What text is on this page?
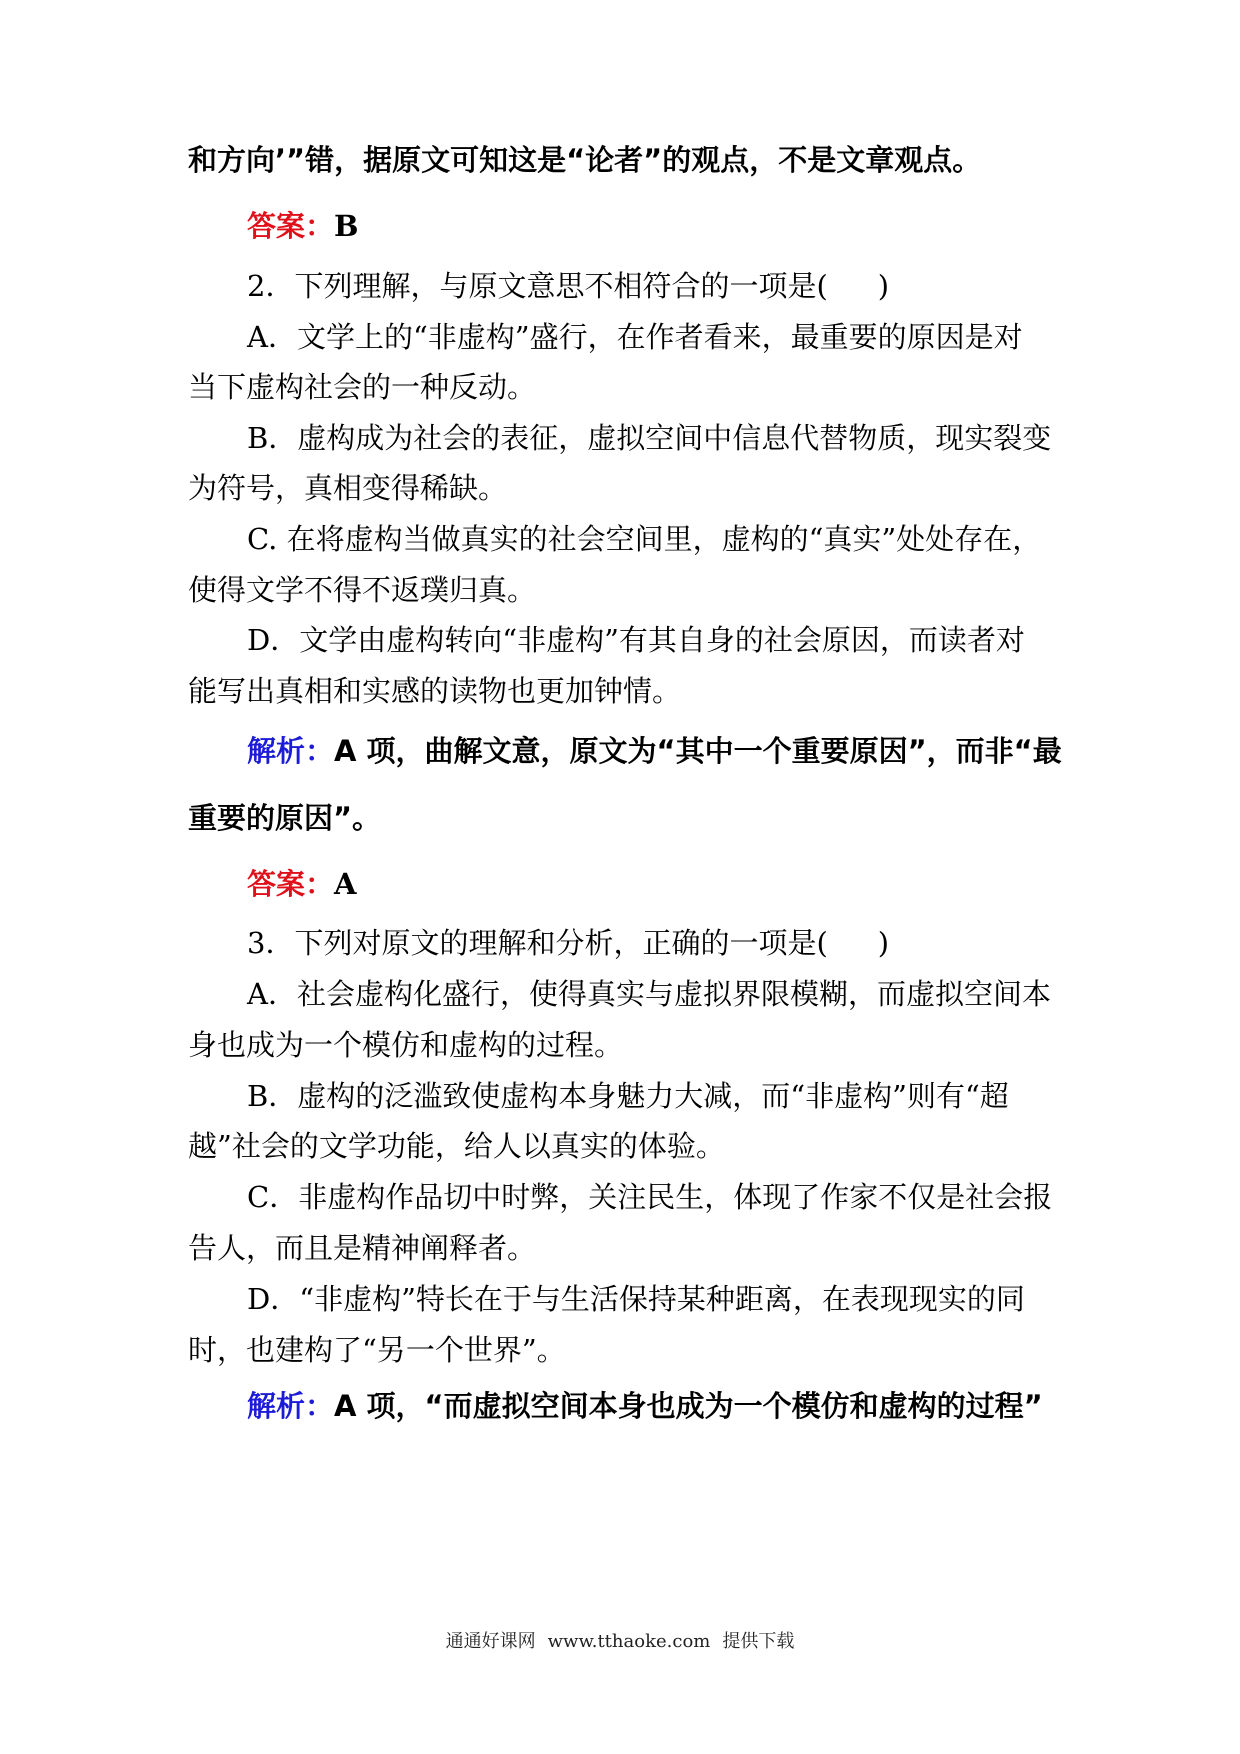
和方向’”错，据原文可知这是“论者”的观点，不是文章观点。
答案：B
2．下列理解，与原文意思不相符合的一项是( )
A．文学上的“非虚构”盛行，在作者看来，最重要的原因是对
当下虚构社会的一种反动。
B．虚构成为社会的表征，虚拟空间中信息代替物质，现实裂变
为符号，真相变得稀缺。
C. 在将虚构当做真实的社会空间里，虚构的“真实”处处存在，
使得文学不得不返璞归真。
D．文学由虚构转向“非虚构”有其自身的社会原因，而读者对
能写出真相和实感的读物也更加钟情。
解析：A 项，曲解文意，原文为“其中一个重要原因”，而非“最
重要的原因”。
答案：A
3．下列对原文的理解和分析，正确的一项是( )
A．社会虚构化盛行，使得真实与虚拟界限模糊，而虚拟空间本
身也成为一个模仿和虚构的过程。
B．虚构的泛滥致使虚构本身魅力大减，而“非虚构”则有“超
越”社会的文学功能，给人以真实的体验。
C．非虚构作品切中时弊，关注民生，体现了作家不仅是社会报
告人，而且是精神阐释者。
D．“非虚构”特长在于与生活保持某种距离，在表现现实的同
时，也建构了“另一个世界”。
解析：A 项，“而虚拟空间本身也成为一个模仿和虚构的过程”
通通好课网 www.tthaoke.com 提供下载
